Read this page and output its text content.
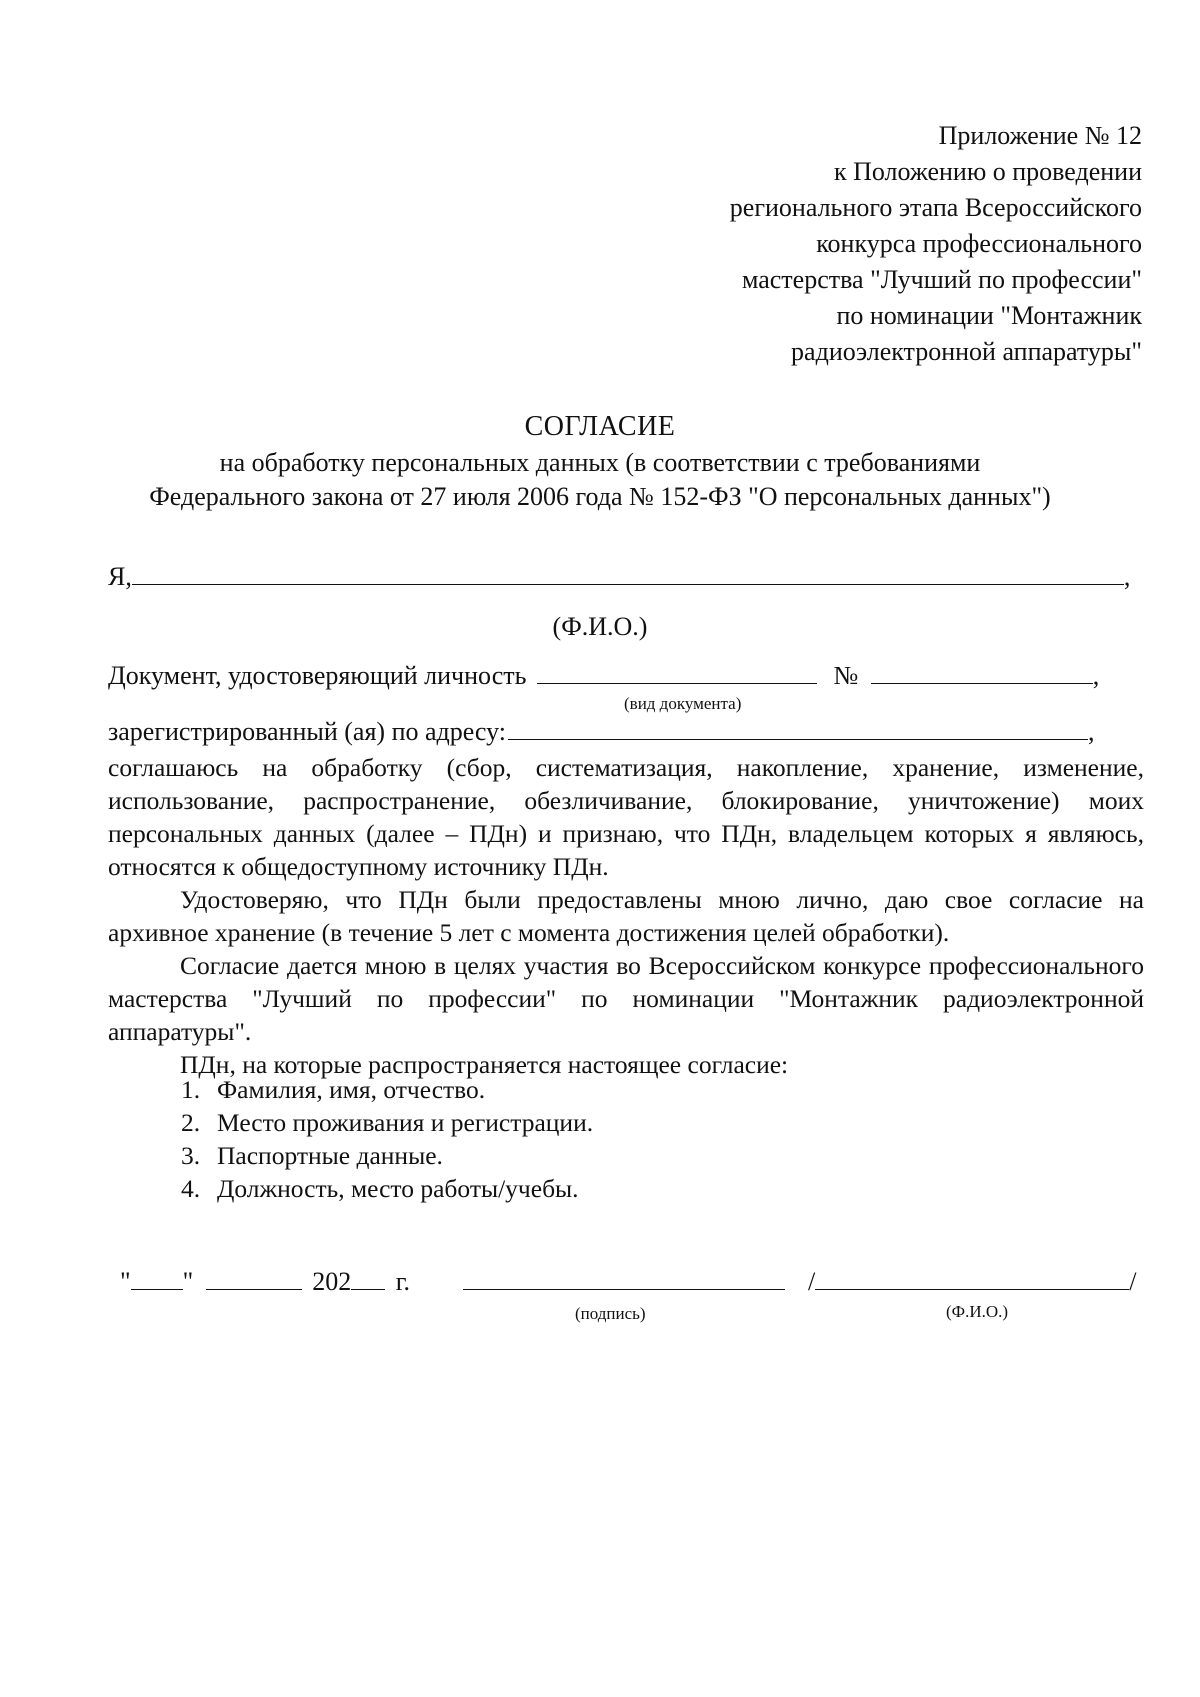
Приложение № 12
к Положению о проведении
регионального этапа Всероссийского
конкурса профессионального
мастерства "Лучший по профессии"
по номинации "Монтажник
радиоэлектронной аппаратуры"
СОГЛАСИЕ
на обработку персональных данных (в соответствии с требованиями
Федерального закона от 27 июля 2006 года № 152-ФЗ "О персональных данных")
Я,	,
(Ф.И.О.)
Документ, удостоверяющий личность	№	,
(вид документа)
зарегистрированный (ая) по адресу:	,

соглашаюсь на обработку (сбор, систематизация, накопление, хранение, изменение, использование, распространение, обезличивание, блокирование, уничтожение) моих персональных данных (далее – ПДн) и признаю, что ПДн, владельцем которых я являюсь, относятся к общедоступному источнику ПДн.

Удостоверяю, что ПДн были предоставлены мною лично, даю свое согласие на архивное хранение (в течение 5 лет с момента достижения целей обработки).

Согласие дается мною в целях участия во Всероссийском конкурсе профессионального мастерства "Лучший по профессии" по номинации "Монтажник радиоэлектронной аппаратуры".

ПДн, на которые распространяется настоящее согласие:

1. Фамилия, имя, отчество.
2. Место проживания и регистрации.
3. Паспортные данные.
4. Должность, место работы/учебы.
" "	202 г.	/	/
(подпись)	(Ф.И.О.)
